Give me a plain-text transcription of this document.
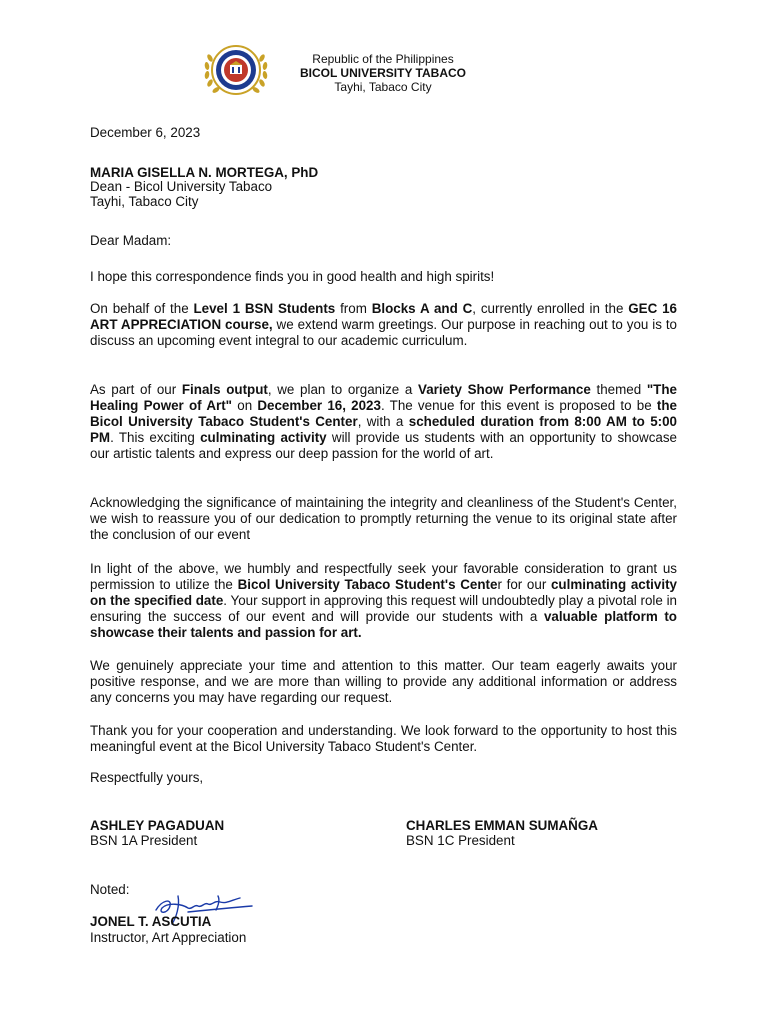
Republic of the Philippines
BICOL UNIVERSITY TABACO
Tayhi, Tabaco City
December 6, 2023
MARIA GISELLA N. MORTEGA, PhD
Dean - Bicol University Tabaco
Tayhi, Tabaco City
Dear Madam:
I hope this correspondence finds you in good health and high spirits!
On behalf of the Level 1 BSN Students from Blocks A and C, currently enrolled in the GEC 16 ART APPRECIATION course, we extend warm greetings. Our purpose in reaching out to you is to discuss an upcoming event integral to our academic curriculum.
As part of our Finals output, we plan to organize a Variety Show Performance themed "The Healing Power of Art" on December 16, 2023. The venue for this event is proposed to be the Bicol University Tabaco Student's Center, with a scheduled duration from 8:00 AM to 5:00 PM. This exciting culminating activity will provide us students with an opportunity to showcase our artistic talents and express our deep passion for the world of art.
Acknowledging the significance of maintaining the integrity and cleanliness of the Student's Center, we wish to reassure you of our dedication to promptly returning the venue to its original state after the conclusion of our event
In light of the above, we humbly and respectfully seek your favorable consideration to grant us permission to utilize the Bicol University Tabaco Student's Center for our culminating activity on the specified date. Your support in approving this request will undoubtedly play a pivotal role in ensuring the success of our event and will provide our students with a valuable platform to showcase their talents and passion for art.
We genuinely appreciate your time and attention to this matter. Our team eagerly awaits your positive response, and we are more than willing to provide any additional information or address any concerns you may have regarding our request.
Thank you for your cooperation and understanding. We look forward to the opportunity to host this meaningful event at the Bicol University Tabaco Student's Center.
Respectfully yours,
ASHLEY PAGADUAN
BSN 1A President
CHARLES EMMAN SUMAÑGA
BSN 1C President
Noted:
JONEL T. ASCUTIA
Instructor, Art Appreciation
